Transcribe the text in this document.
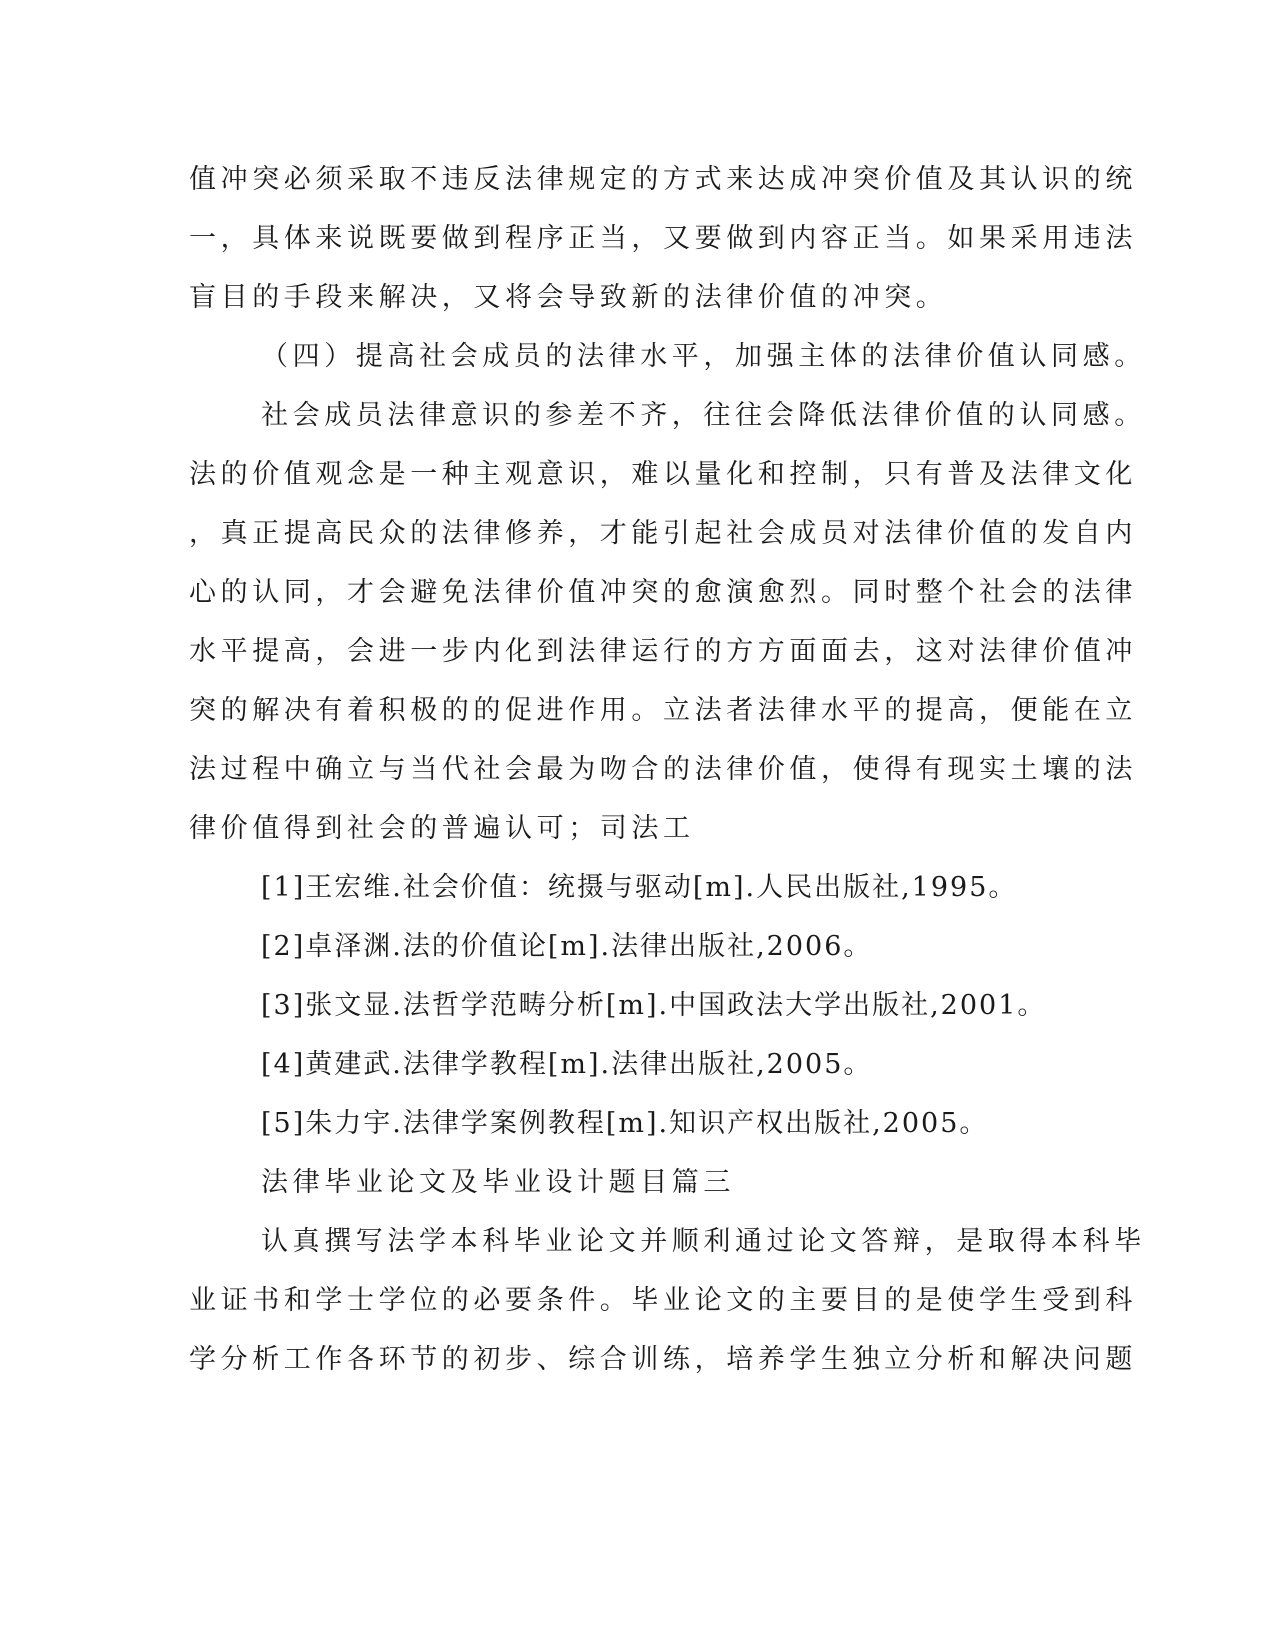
值冲突必须采取不违反法律规定的方式来达成冲突价值及其认识的统
一，具体来说既要做到程序正当，又要做到内容正当。如果采用违法
盲目的手段来解决，又将会导致新的法律价值的冲突。
（四）提高社会成员的法律水平，加强主体的法律价值认同感。
社会成员法律意识的参差不齐，往往会降低法律价值的认同感。
法的价值观念是一种主观意识，难以量化和控制，只有普及法律文化
，真正提高民众的法律修养，才能引起社会成员对法律价值的发自内
心的认同，才会避免法律价值冲突的愈演愈烈。同时整个社会的法律
水平提高，会进一步内化到法律运行的方方面面去，这对法律价值冲
突的解决有着积极的的促进作用。立法者法律水平的提高，便能在立
法过程中确立与当代社会最为吻合的法律价值，使得有现实土壤的法
律价值得到社会的普遍认可；司法工
[1]王宏维.社会价值：统摄与驱动[m].人民出版社,1995。
[2]卓泽渊.法的价值论[m].法律出版社,2006。
[3]张文显.法哲学范畴分析[m].中国政法大学出版社,2001。
[4]黄建武.法律学教程[m].法律出版社,2005。
[5]朱力宇.法律学案例教程[m].知识产权出版社,2005。
法律毕业论文及毕业设计题目篇三
认真撰写法学本科毕业论文并顺利通过论文答辩，是取得本科毕
业证书和学士学位的必要条件。毕业论文的主要目的是使学生受到科
学分析工作各环节的初步、综合训练，培养学生独立分析和解决问题
